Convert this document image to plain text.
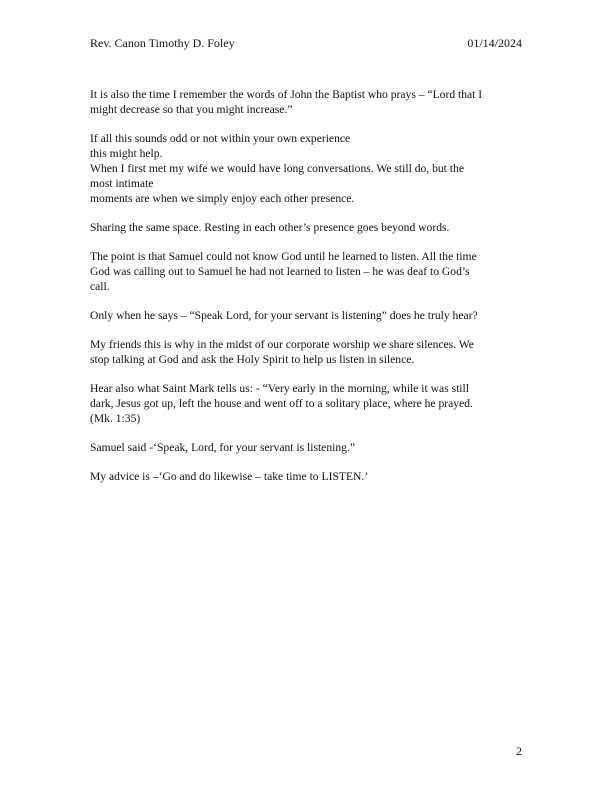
Rev. Canon Timothy D. Foley	01/14/2024

It is also the time I remember the words of John the Baptist who prays – “Lord that I
might decrease so that you might increase.”

If all this sounds odd or not within your own experience
this might help.
When I first met my wife we would have long conversations. We still do, but the
most intimate
moments are when we simply enjoy each other presence.

Sharing the same space. Resting in each other’s presence goes beyond words.

The point is that Samuel could not know God until he learned to listen. All the time
God was calling out to Samuel he had not learned to listen – he was deaf to God’s
call.

Only when he says – “Speak Lord, for your servant is listening” does he truly hear?

My friends this is why in the midst of our corporate worship we share silences. We
stop talking at God and ask the Holy Spirit to help us listen in silence.

Hear also what Saint Mark tells us: - “Very early in the morning, while it was still
dark, Jesus got up, left the house and went off to a solitary place, where he prayed.
(Mk. 1:35)

Samuel said -‘Speak, Lord, for your servant is listening.”

My advice is –‘Go and do likewise – take time to LISTEN.’

2
